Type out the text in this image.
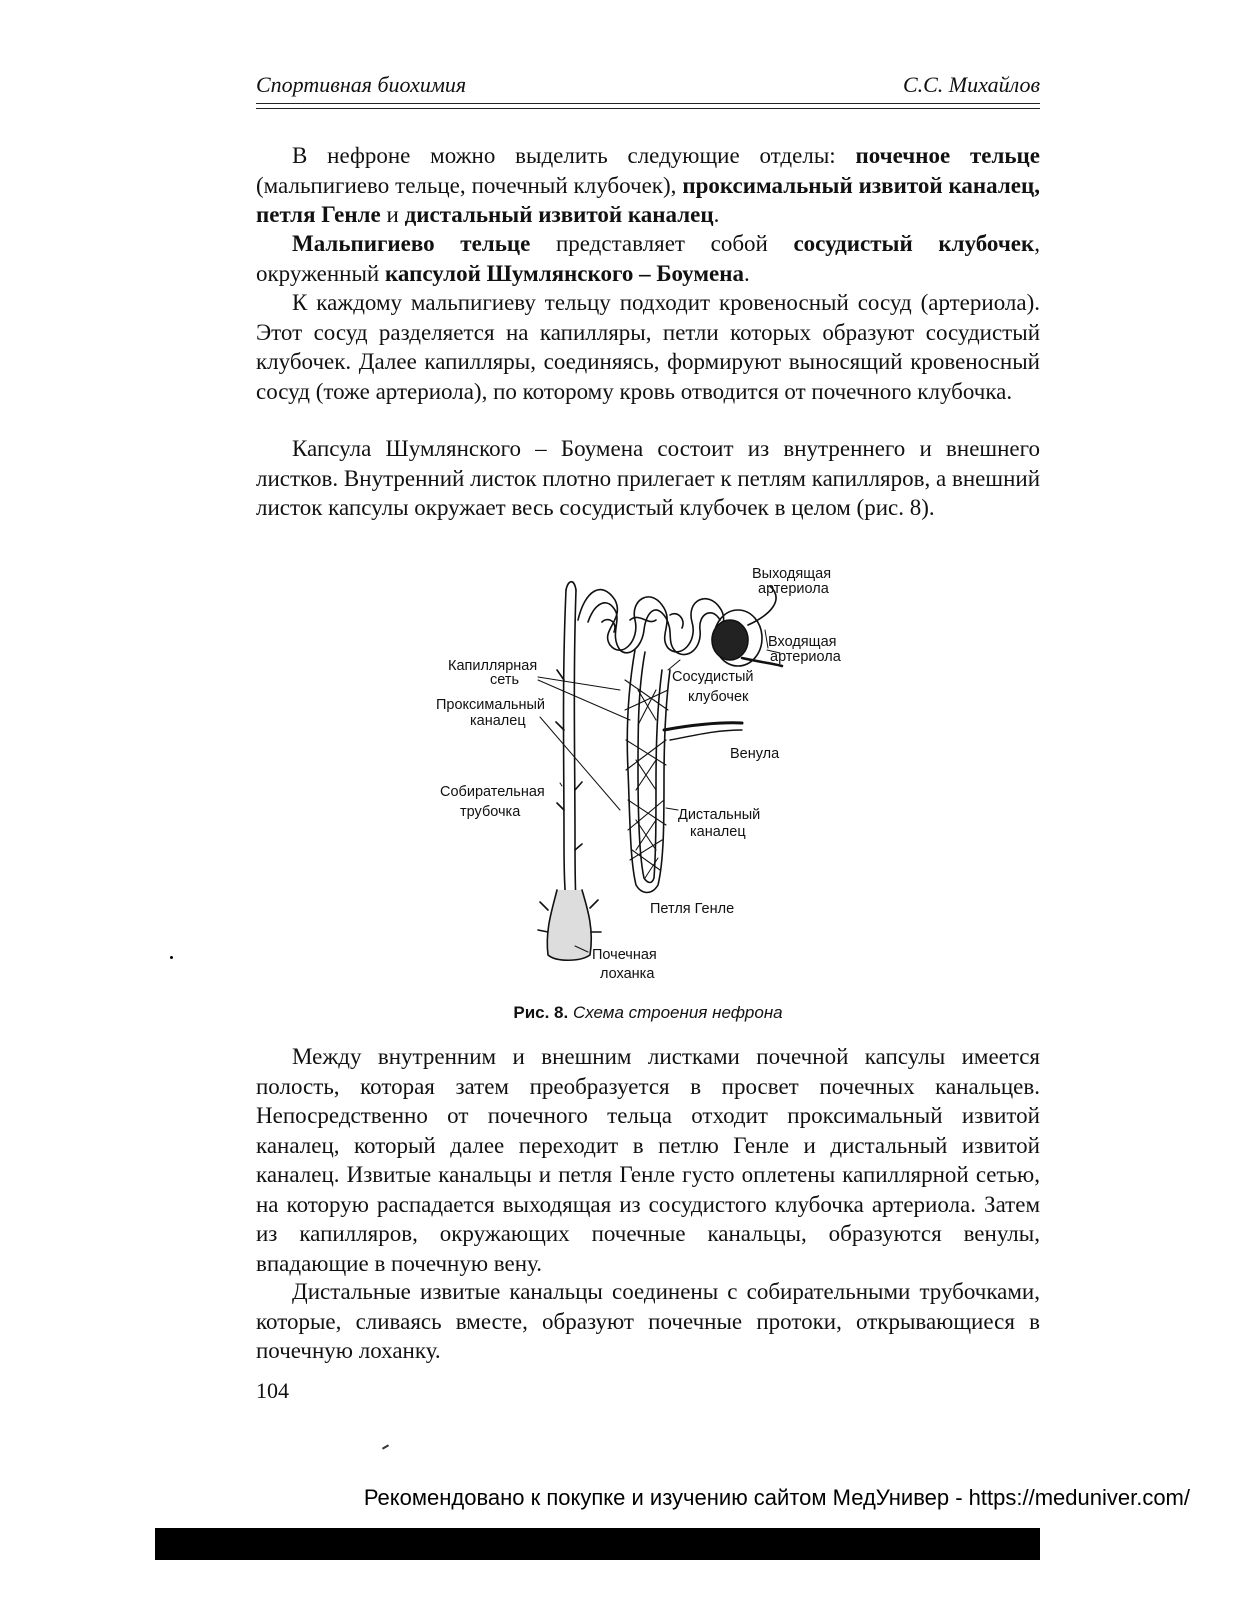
Спортивная биохимия	С.С. Михайлов

В нефроне можно выделить следующие отделы: почечное тельце (мальпигиево тельце, почечный клубочек), проксимальный извитой каналец, петля Генле и дистальный извитой каналец.

Мальпигиево тельце представляет собой сосудистый клубочек, окруженный капсулой Шумлянского – Боумена.

К каждому мальпигиеву тельцу подходит кровеносный сосуд (артериола). Этот сосуд разделяется на капилляры, петли которых образуют сосудистый клубочек. Далее капилляры, соединяясь, формируют выносящий кровеносный сосуд (тоже артериола), по которому кровь отводится от почечного клубочка.

Капсула Шумлянского – Боумена состоит из внутреннего и внешнего листков. Внутренний листок плотно прилегает к петлям капилляров, а внешний листок капсулы окружает весь сосудистый клубочек в целом (рис. 8).

Выходящая
артериола
Входящая
артериола
Капиллярная
сеть	Сосудистый
клубочек
Проксимальный
каналец
Венула
Собирательная
трубочка	Дистальный
каналец
Петля Генле
Почечная
лоханка
Рис. 8. Схема строения нефрона

Между внутренним и внешним листками почечной капсулы имеется полость, которая затем преобразуется в просвет почечных канальцев. Непосредственно от почечного тельца отходит проксимальный извитой каналец, который далее переходит в петлю Генле и дистальный извитой каналец. Извитые канальцы и петля Генле густо оплетены капиллярной сетью, на которую распадается выходящая из сосудистого клубочка артериола. Затем из капилляров, окружающих почечные канальцы, образуются венулы, впадающие в почечную вену.

Дистальные извитые канальцы соединены с собирательными трубочками, которые, сливаясь вместе, образуют почечные протоки, открывающиеся в почечную лоханку.

104
Рекомендовано к покупке и изучению сайтом МедУнивер - https://meduniver.com/
